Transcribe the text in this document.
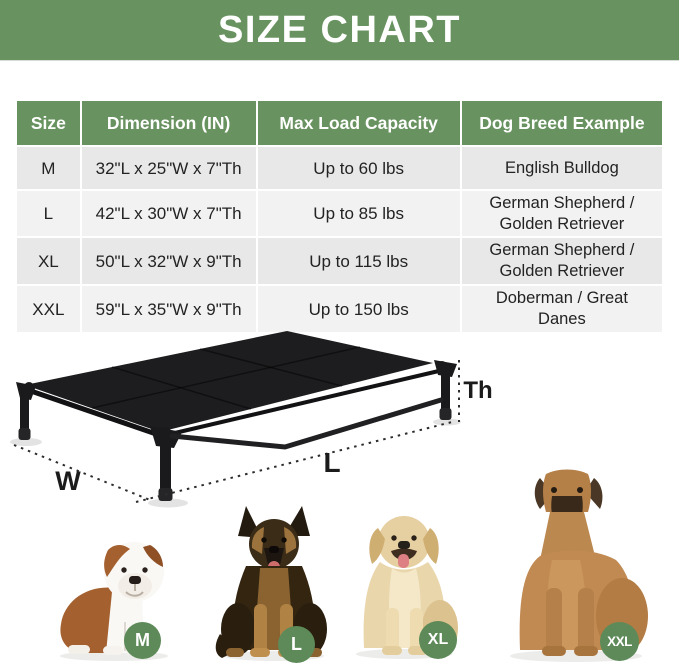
SIZE CHART
Size	Dimension (IN)	Max Load Capacity	Dog Breed Example
M	32"L x 25"W x 7"Th	Up to 60 lbs	English Bulldog
L	42"L x 30"W x 7"Th	Up to 85 lbs	German Shepherd / Golden Retriever
XL	50"L x 32"W x 9"Th	Up to 115 lbs	German Shepherd / Golden Retriever
XXL	59"L x 35"W x 9"Th	Up to 150 lbs	Doberman / Great Danes
W
L
Th
M	L	XL	XXL
